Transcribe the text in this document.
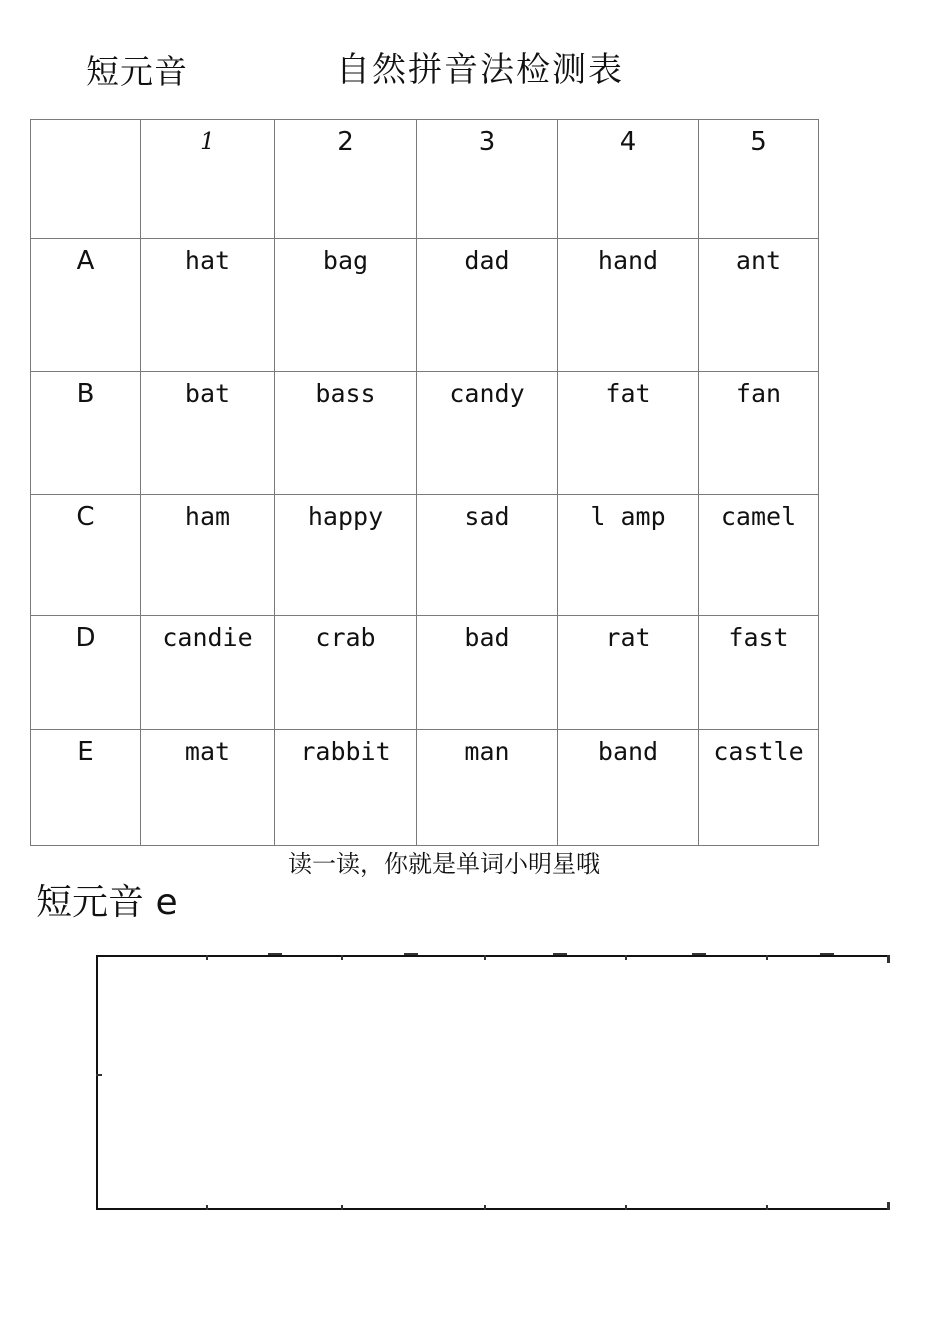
短元音	自然拼音法检测表
	1	2	3	4	5
A	hat	bag	dad	hand	ant
B	bat	bass	candy	fat	fan
C	ham	happy	sad	l amp	camel
D	candie	crab	bad	rat	fast
E	mat	rabbit	man	band	castle
读一读，你就是单词小明星哦
短元音 e
